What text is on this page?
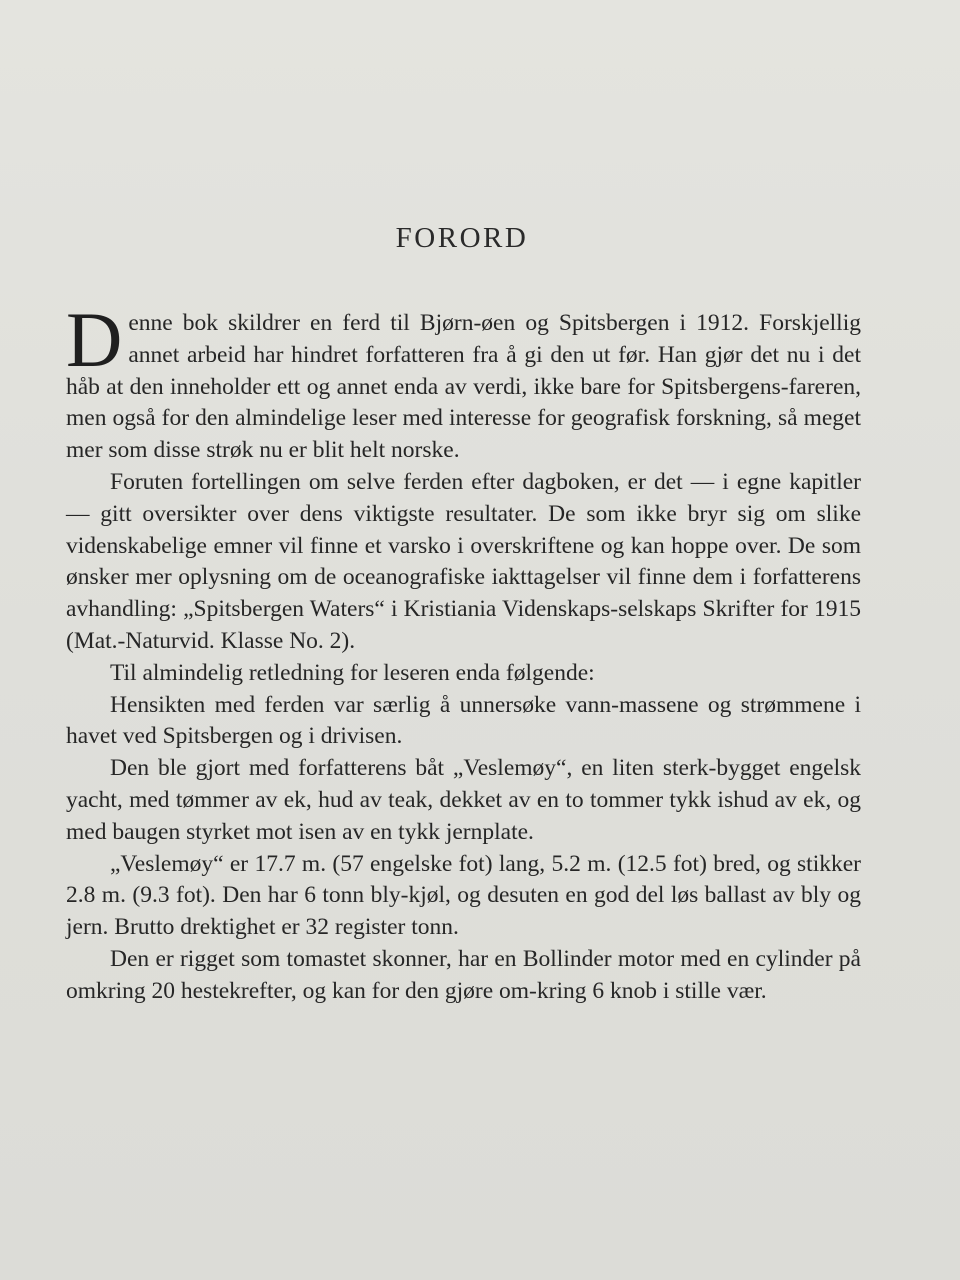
FORORD

Denne bok skildrer en ferd til Bjørn-øen og Spitsbergen i 1912. Forskjellig annet arbeid har hindret forfatteren fra å gi den ut før. Han gjør det nu i det håb at den inneholder ett og annet enda av verdi, ikke bare for Spitsbergens-fareren, men også for den almindelige leser med interesse for geografisk forskning, så meget mer som disse strøk nu er blit helt norske.

Foruten fortellingen om selve ferden efter dagboken, er det — i egne kapitler — gitt oversikter over dens viktigste resultater. De som ikke bryr sig om slike videnskabelige emner vil finne et varsko i overskriftene og kan hoppe over. De som ønsker mer oplysning om de oceanografiske iakttagelser vil finne dem i forfatterens avhandling: „Spitsbergen Waters“ i Kristiania Videnskaps-selskaps Skrifter for 1915 (Mat.-Naturvid. Klasse No. 2).

Til almindelig retledning for leseren enda følgende:

Hensikten med ferden var særlig å unnersøke vann-massene og strømmene i havet ved Spitsbergen og i drivisen.

Den ble gjort med forfatterens båt „Veslemøy“, en liten sterk-bygget engelsk yacht, med tømmer av ek, hud av teak, dekket av en to tommer tykk ishud av ek, og med baugen styrket mot isen av en tykk jernplate.

„Veslemøy“ er 17.7 m. (57 engelske fot) lang, 5.2 m. (12.5 fot) bred, og stikker 2.8 m. (9.3 fot). Den har 6 tonn bly-kjøl, og desuten en god del løs ballast av bly og jern. Brutto drektighet er 32 register tonn.

Den er rigget som tomastet skonner, har en Bollinder motor med en cylinder på omkring 20 hestekrefter, og kan for den gjøre om-kring 6 knob i stille vær.
